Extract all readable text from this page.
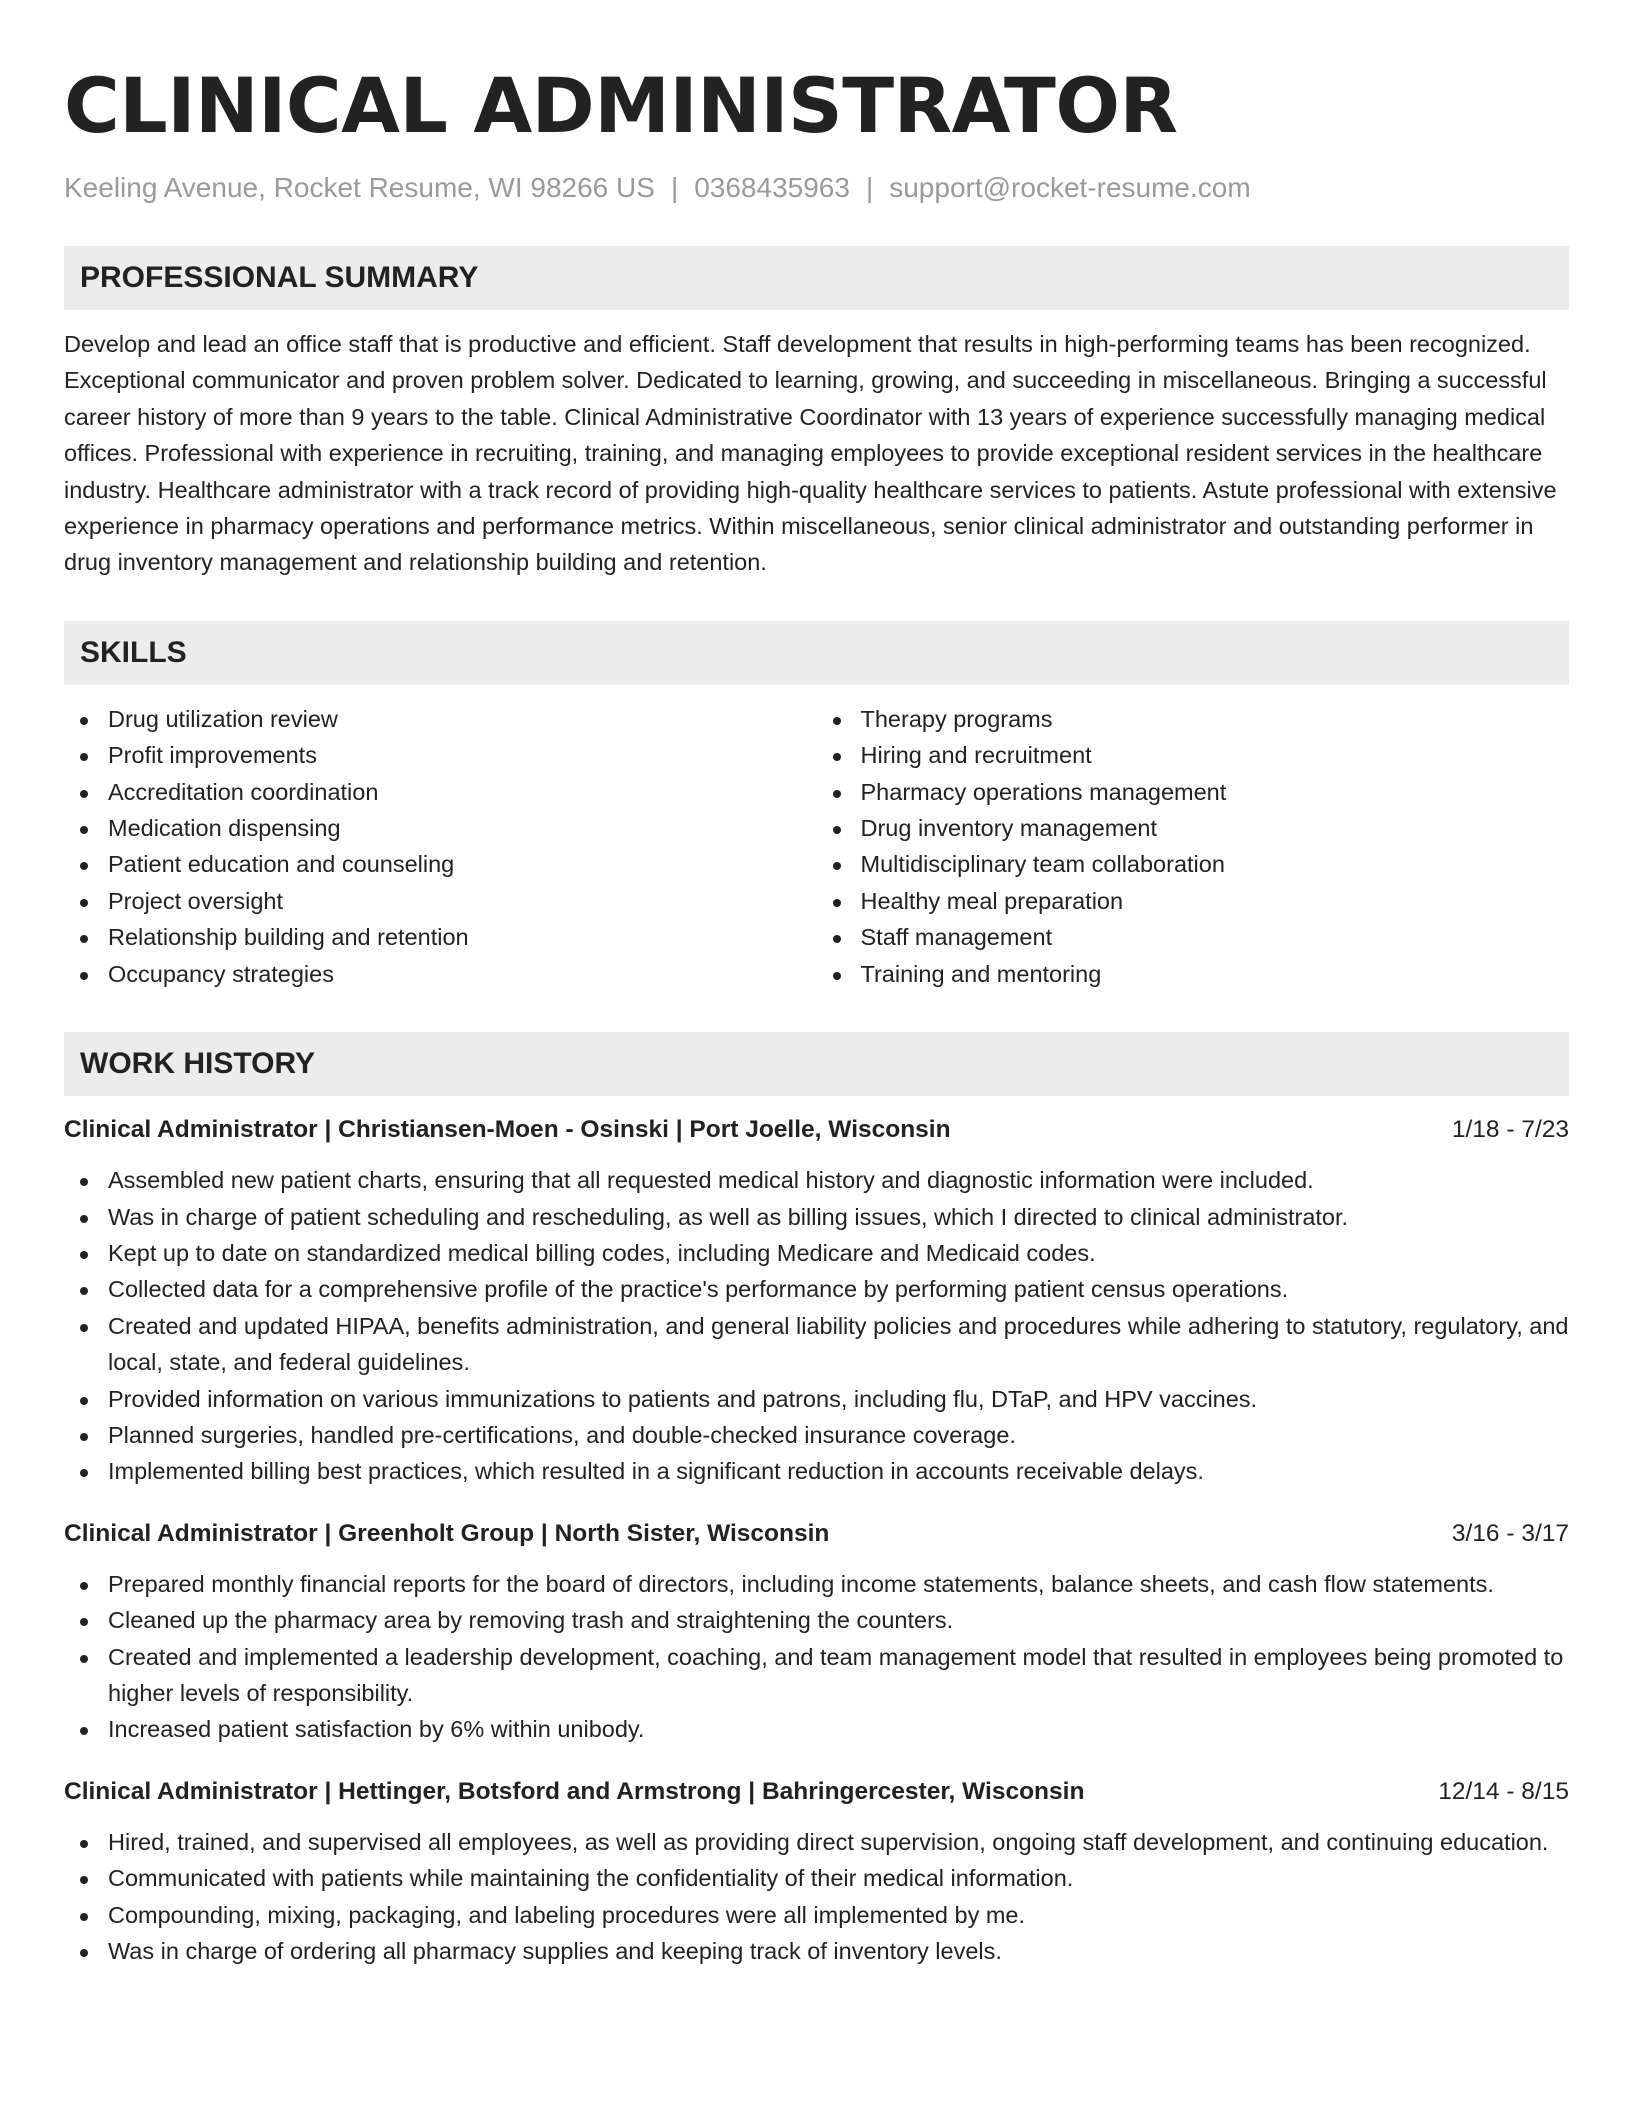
CLINICAL ADMINISTRATOR
Keeling Avenue, Rocket Resume, WI 98266 US | 0368435963 | support@rocket-resume.com
PROFESSIONAL SUMMARY

Develop and lead an office staff that is productive and efficient. Staff development that results in high-performing teams has been recognized. Exceptional communicator and proven problem solver. Dedicated to learning, growing, and succeeding in miscellaneous. Bringing a successful career history of more than 9 years to the table. Clinical Administrative Coordinator with 13 years of experience successfully managing medical offices. Professional with experience in recruiting, training, and managing employees to provide exceptional resident services in the healthcare industry. Healthcare administrator with a track record of providing high-quality healthcare services to patients. Astute professional with extensive experience in pharmacy operations and performance metrics. Within miscellaneous, senior clinical administrator and outstanding performer in drug inventory management and relationship building and retention.

SKILLS
Drug utilization review
Profit improvements
Accreditation coordination
Medication dispensing
Patient education and counseling
Project oversight
Relationship building and retention
Occupancy strategies
Therapy programs
Hiring and recruitment
Pharmacy operations management
Drug inventory management
Multidisciplinary team collaboration
Healthy meal preparation
Staff management
Training and mentoring
WORK HISTORY
Clinical Administrator | Christiansen-Moen - Osinski | Port Joelle, Wisconsin	1/18 - 7/23
Assembled new patient charts, ensuring that all requested medical history and diagnostic information were included.
Was in charge of patient scheduling and rescheduling, as well as billing issues, which I directed to clinical administrator.
Kept up to date on standardized medical billing codes, including Medicare and Medicaid codes.
Collected data for a comprehensive profile of the practice's performance by performing patient census operations.
Created and updated HIPAA, benefits administration, and general liability policies and procedures while adhering to statutory, regulatory, and local, state, and federal guidelines.
Provided information on various immunizations to patients and patrons, including flu, DTaP, and HPV vaccines.
Planned surgeries, handled pre-certifications, and double-checked insurance coverage.
Implemented billing best practices, which resulted in a significant reduction in accounts receivable delays.
Clinical Administrator | Greenholt Group | North Sister, Wisconsin	3/16 - 3/17
Prepared monthly financial reports for the board of directors, including income statements, balance sheets, and cash flow statements.
Cleaned up the pharmacy area by removing trash and straightening the counters.
Created and implemented a leadership development, coaching, and team management model that resulted in employees being promoted to higher levels of responsibility.
Increased patient satisfaction by 6% within unibody.
Clinical Administrator | Hettinger, Botsford and Armstrong | Bahringercester, Wisconsin	12/14 - 8/15
Hired, trained, and supervised all employees, as well as providing direct supervision, ongoing staff development, and continuing education.
Communicated with patients while maintaining the confidentiality of their medical information.
Compounding, mixing, packaging, and labeling procedures were all implemented by me.
Was in charge of ordering all pharmacy supplies and keeping track of inventory levels.
